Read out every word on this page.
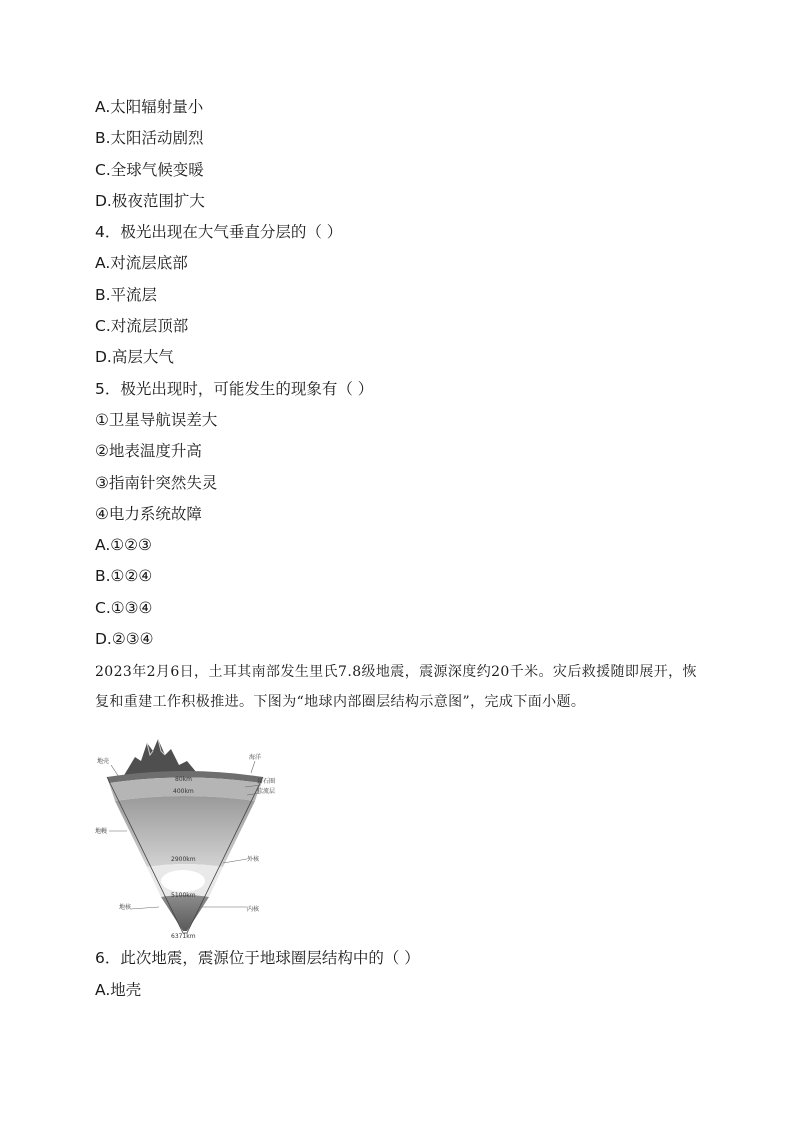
A.太阳辐射量小
B.太阳活动剧烈
C.全球气候变暖
D.极夜范围扩大
4．极光出现在大气垂直分层的（ ）
A.对流层底部
B.平流层
C.对流层顶部
D.高层大气
5．极光出现时，可能发生的现象有（ ）
①卫星导航误差大
②地表温度升高
③指南针突然失灵
④电力系统故障
A.①②③
B.①②④
C.①③④
D.②③④
2023年2月6日，土耳其南部发生里氏7.8级地震，震源深度约20千米。灾后救援随即展开，恢复和重建工作积极推进。下图为“地球内部圈层结构示意图”，完成下面小题。
地壳
海洋
岩石圈
软流层
地幔
外核
地核	内核
80km
400km
2900km
5100km
6371km
6．此次地震，震源位于地球圈层结构中的（ ）
A.地壳
